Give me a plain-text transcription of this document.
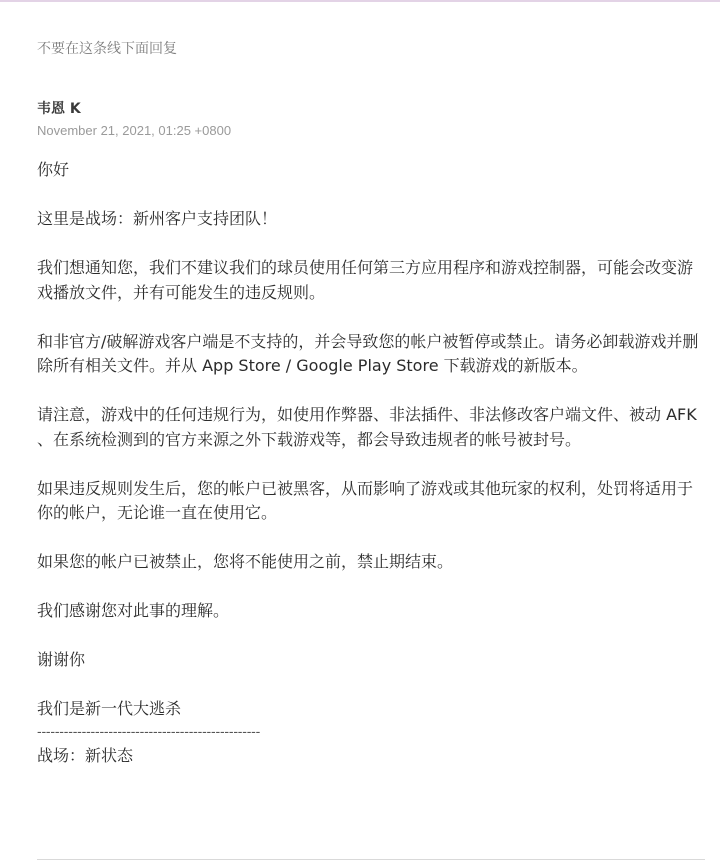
不要在这条线下面回复
韦恩 K
November 21, 2021, 01:25 +0800

你好

这里是战场：新州客户支持团队！

我们想通知您，我们不建议我们的球员使用任何第三方应用程序和游戏控制器，可能会改变游戏播放文件，并有可能发生的违反规则。

和非官方/破解游戏客户端是不支持的，并会导致您的帐户被暂停或禁止。请务必卸载游戏并删除所有相关文件。并从 App Store / Google Play Store 下载游戏的新版本。

请注意，游戏中的任何违规行为，如使用作弊器、非法插件、非法修改客户端文件、被动 AFK 、在系统检测到的官方来源之外下载游戏等，都会导致违规者的帐号被封号。

如果违反规则发生后，您的帐户已被黑客，从而影响了游戏或其他玩家的权利，处罚将适用于你的帐户，无论谁一直在使用它。

如果您的帐户已被禁止，您将不能使用之前，禁止期结束。

我们感谢您对此事的理解。

谢谢你

我们是新一代大逃杀

--------------------------------------------------

战场：新状态
